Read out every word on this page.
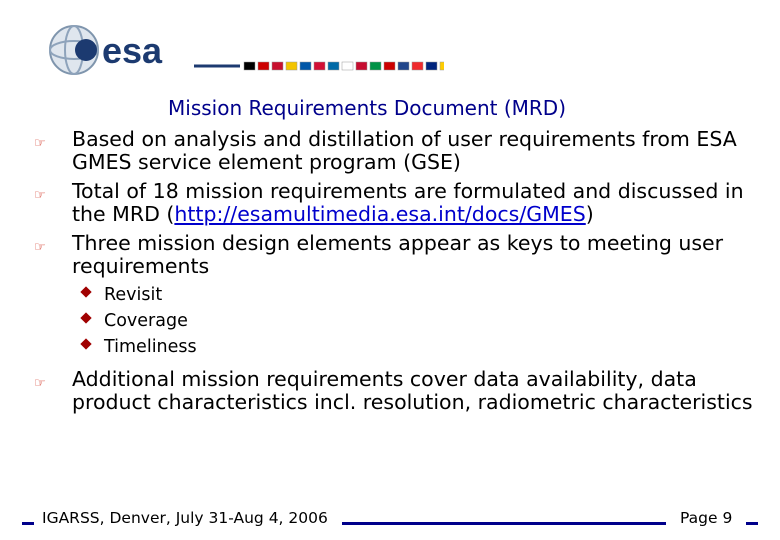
esa
Mission Requirements Document (MRD)
☞ Based on analysis and distillation of user requirements from ESA GMES service element program (GSE)
☞ Total of 18 mission requirements are formulated and discussed in the MRD (http://esamultimedia.esa.int/docs/GMES)
☞ Three mission design elements appear as keys to meeting user requirements
Revisit
Coverage
Timeliness
☞ Additional mission requirements cover data availability, data product characteristics incl. resolution, radiometric characteristics
IGARSS, Denver, July 31-Aug 4, 2006	Page 9
